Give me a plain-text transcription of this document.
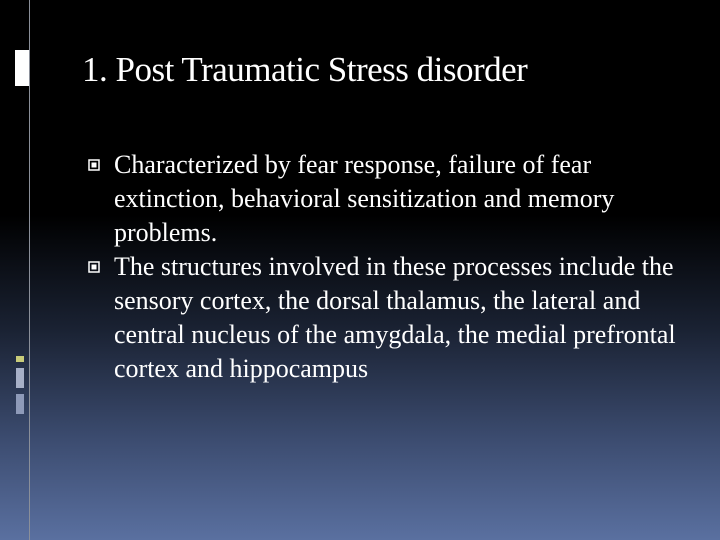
1. Post Traumatic Stress disorder
Characterized by fear response, failure of fear extinction, behavioral sensitization and memory problems.
The structures involved in these processes include the sensory cortex, the dorsal thalamus, the lateral and central nucleus of the amygdala, the medial prefrontal cortex and hippocampus
